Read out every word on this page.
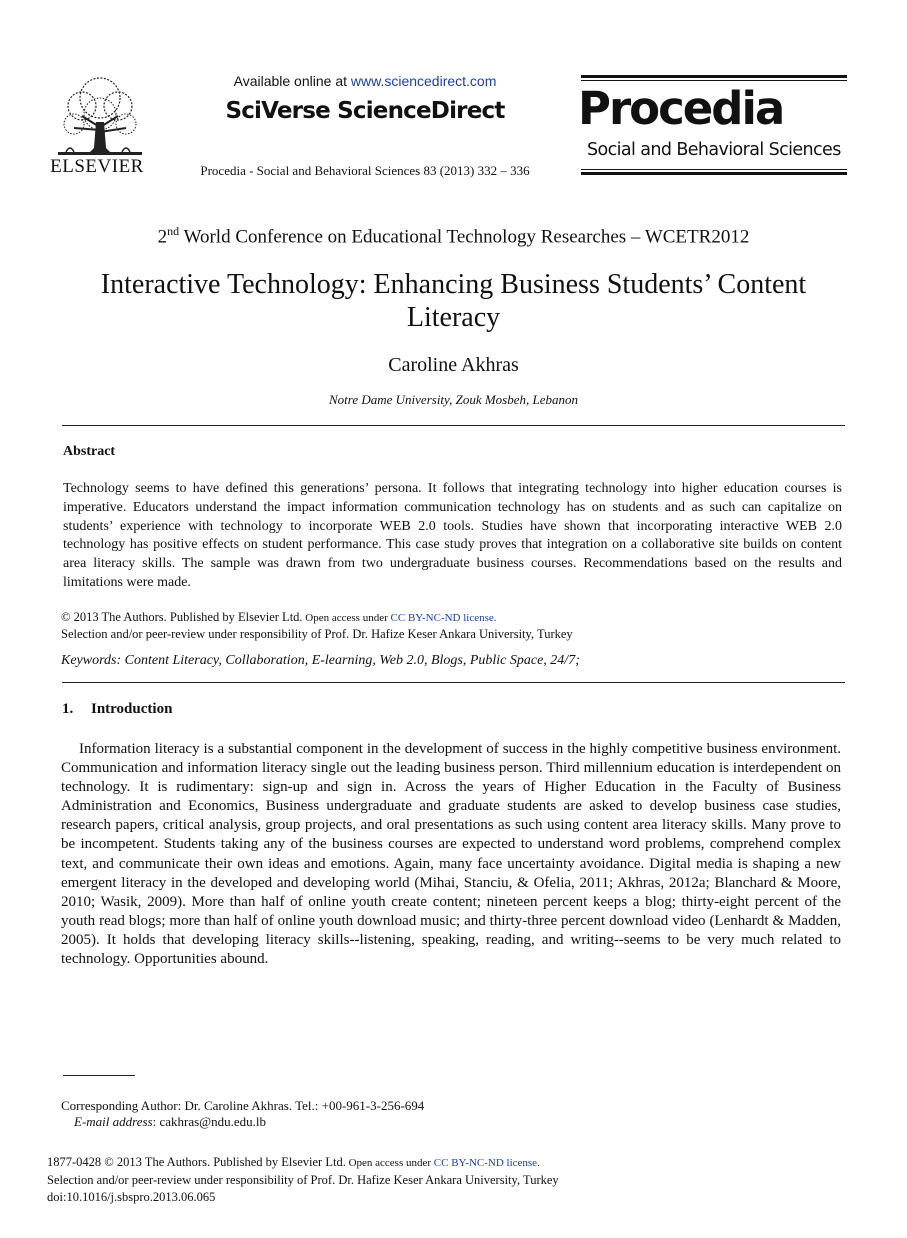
ELSEVIER
Available online at www.sciencedirect.com
SciVerse ScienceDirect
Procedia - Social and Behavioral Sciences 83 (2013) 332 – 336
Procedia
Social and Behavioral Sciences
2nd World Conference on Educational Technology Researches – WCETR2012
Interactive Technology: Enhancing Business Students’ Content Literacy
Caroline Akhras
Notre Dame University, Zouk Mosbeh, Lebanon
Abstract
Technology seems to have defined this generations’ persona. It follows that integrating technology into higher education courses is imperative. Educators understand the impact information communication technology has on students and as such can capitalize on students’ experience with technology to incorporate WEB 2.0 tools. Studies have shown that incorporating interactive WEB 2.0 technology has positive effects on student performance. This case study proves that integration on a collaborative site builds on content area literacy skills. The sample was drawn from two undergraduate business courses. Recommendations based on the results and limitations were made.
© 2013 The Authors. Published by Elsevier Ltd. Open access under CC BY-NC-ND license.
Selection and/or peer-review under responsibility of Prof. Dr. Hafize Keser Ankara University, Turkey
Keywords: Content Literacy, Collaboration, E-learning, Web 2.0, Blogs, Public Space, 24/7;
1. Introduction
Information literacy is a substantial component in the development of success in the highly competitive business environment. Communication and information literacy single out the leading business person. Third millennium education is interdependent on technology. It is rudimentary: sign-up and sign in. Across the years of Higher Education in the Faculty of Business Administration and Economics, Business undergraduate and graduate students are asked to develop business case studies, research papers, critical analysis, group projects, and oral presentations as such using content area literacy skills. Many prove to be incompetent. Students taking any of the business courses are expected to understand word problems, comprehend complex text, and communicate their own ideas and emotions. Again, many face uncertainty avoidance. Digital media is shaping a new emergent literacy in the developed and developing world (Mihai, Stanciu, & Ofelia, 2011; Akhras, 2012a; Blanchard & Moore, 2010; Wasik, 2009). More than half of online youth create content; nineteen percent keeps a blog; thirty-eight percent of the youth read blogs; more than half of online youth download music; and thirty-three percent download video (Lenhardt & Madden, 2005). It holds that developing literacy skills--listening, speaking, reading, and writing--seems to be very much related to technology. Opportunities abound.
Corresponding Author: Dr. Caroline Akhras. Tel.: +00-961-3-256-694
E-mail address: cakhras@ndu.edu.lb
1877-0428 © 2013 The Authors. Published by Elsevier Ltd. Open access under CC BY-NC-ND license.
Selection and/or peer-review under responsibility of Prof. Dr. Hafize Keser Ankara University, Turkey
doi:10.1016/j.sbspro.2013.06.065
